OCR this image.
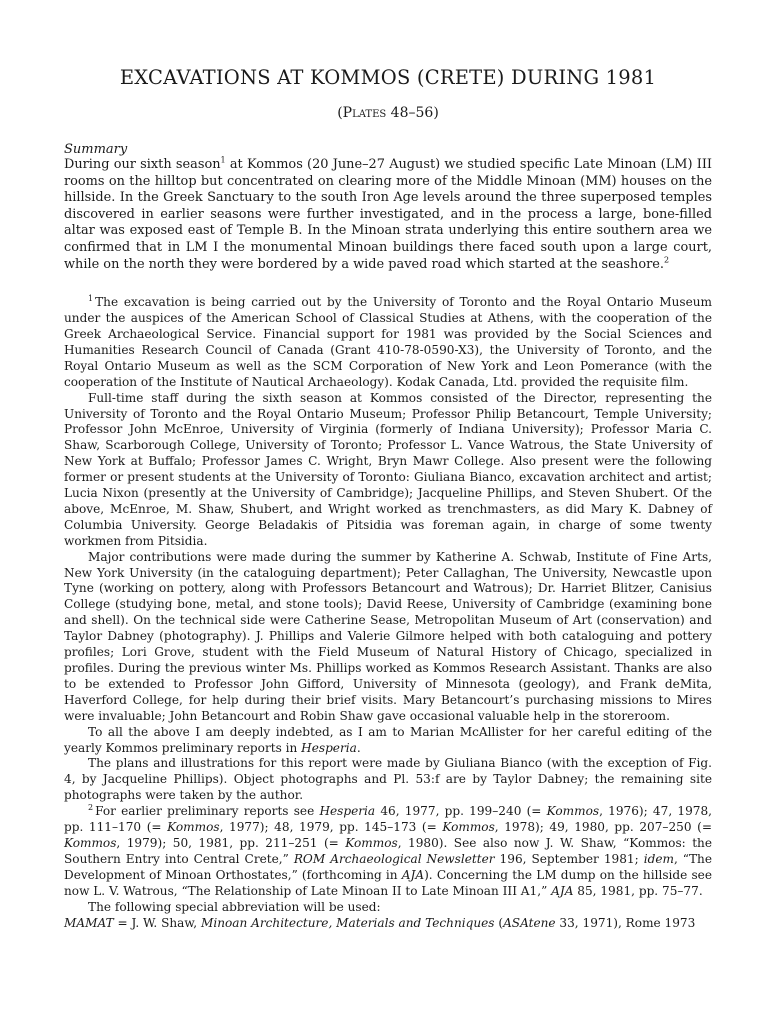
EXCAVATIONS AT KOMMOS (CRETE) DURING 1981
(Plates 48–56)
Summary

During our sixth season$^1$ at Kommos (20 June–27 August) we studied specific Late Minoan (LM) III rooms on the hilltop but concentrated on clearing more of the Middle Minoan (MM) houses on the hillside. In the Greek Sanctuary to the south Iron Age levels around the three superposed temples discovered in earlier seasons were further investigated, and in the process a large, bone-filled altar was exposed east of Temple B. In the Minoan strata underlying this entire southern area we confirmed that in LM I the monumental Minoan buildings there faced south upon a large court, while on the north they were bordered by a wide paved road which started at the seashore.$^2$

$^1$ The excavation is being carried out by the University of Toronto and the Royal Ontario Museum under the auspices of the American School of Classical Studies at Athens, with the cooperation of the Greek Archaeological Service. Financial support for 1981 was provided by the Social Sciences and Humanities Research Council of Canada (Grant 410-78-0590-X3), the University of Toronto, and the Royal Ontario Museum as well as the SCM Corporation of New York and Leon Pomerance (with the cooperation of the Institute of Nautical Archaeology). Kodak Canada, Ltd. provided the requisite film.

Full-time staff during the sixth season at Kommos consisted of the Director, representing the University of Toronto and the Royal Ontario Museum; Professor Philip Betancourt, Temple University; Professor John McEnroe, University of Virginia (formerly of Indiana University); Professor Maria C. Shaw, Scarborough College, University of Toronto; Professor L. Vance Watrous, the State University of New York at Buffalo; Professor James C. Wright, Bryn Mawr College. Also present were the following former or present students at the University of Toronto: Giuliana Bianco, excavation architect and artist; Lucia Nixon (presently at the University of Cambridge); Jacqueline Phillips, and Steven Shubert. Of the above, McEnroe, M. Shaw, Shubert, and Wright worked as trenchmasters, as did Mary K. Dabney of Columbia University. George Beladakis of Pitsidia was foreman again, in charge of some twenty workmen from Pitsidia.

Major contributions were made during the summer by Katherine A. Schwab, Institute of Fine Arts, New York University (in the cataloguing department); Peter Callaghan, The University, Newcastle upon Tyne (working on pottery, along with Professors Betancourt and Watrous); Dr. Harriet Blitzer, Canisius College (studying bone, metal, and stone tools); David Reese, University of Cambridge (examining bone and shell). On the technical side were Catherine Sease, Metropolitan Museum of Art (conservation) and Taylor Dabney (photography). J. Phillips and Valerie Gilmore helped with both cataloguing and pottery profiles; Lori Grove, student with the Field Museum of Natural History of Chicago, specialized in profiles. During the previous winter Ms. Phillips worked as Kommos Research Assistant. Thanks are also to be extended to Professor John Gifford, University of Minnesota (geology), and Frank deMita, Haverford College, for help during their brief visits. Mary Betancourt’s purchasing missions to Mires were invaluable; John Betancourt and Robin Shaw gave occasional valuable help in the storeroom.

To all the above I am deeply indebted, as I am to Marian McAllister for her careful editing of the yearly Kommos preliminary reports in Hesperia.

The plans and illustrations for this report were made by Giuliana Bianco (with the exception of Fig. 4, by Jacqueline Phillips). Object photographs and Pl. 53:f are by Taylor Dabney; the remaining site photographs were taken by the author.

$^2$ For earlier preliminary reports see Hesperia 46, 1977, pp. 199–240 (= Kommos, 1976); 47, 1978, pp. 111–170 (= Kommos, 1977); 48, 1979, pp. 145–173 (= Kommos, 1978); 49, 1980, pp. 207–250 (= Kommos, 1979); 50, 1981, pp. 211–251 (= Kommos, 1980). See also now J. W. Shaw, “Kommos: the Southern Entry into Central Crete,” ROM Archaeological Newsletter 196, September 1981; idem, “The Development of Minoan Orthostates,” (forthcoming in AJA). Concerning the LM dump on the hillside see now L. V. Watrous, “The Relationship of Late Minoan II to Late Minoan III A1,” AJA 85, 1981, pp. 75–77.

The following special abbreviation will be used:

MAMAT = J. W. Shaw, Minoan Architecture, Materials and Techniques (ASAtene 33, 1971), Rome 1973
